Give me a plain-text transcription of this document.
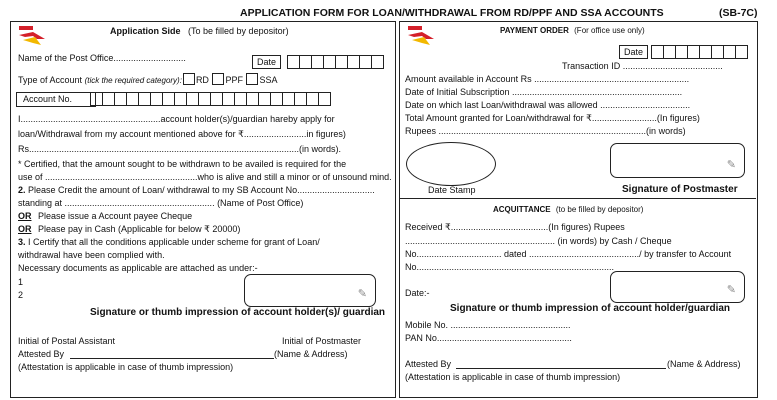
APPLICATION FORM FOR LOAN/WITHDRAWAL FROM RD/PPF AND SSA ACCOUNTS	(SB-7C)
Application Side (To be filled by depositor)
Name of the Post Office.............................	Date
Type of Account (tick the required category): RD PPF SSA
Account No.
I........................................................account holder(s)/guardian hareby apply for
loan/Withdrawal from my account mentioned above for ₹.........................in figures)
Rs............................................................................................................(in words).
* Certified, that the amount sought to be withdrawn to be availed is required for the
use of .............................................................who is alive and still a minor or of unsound mind.
2. Please Credit the amount of Loan/ withdrawal to my SB Account No...............................
standing at ............................................................ (Name of Post Office)
OR Please issue a Account payee Cheque
OR Please pay in Cash (Applicable for below ₹ 20000)
3. I Certify that all the conditions applicable under scheme for grant of Loan/
withdrawal have been complied with.
Necessary documents as applicable are attached as under:-
1
2	✎
Signature or thumb impression of account holder(s)/ guardian
Initial of Postal Assistant	Initial of Postmaster
Attested By	(Name & Address)
(Attestation is applicable in case of thumb impression)
PAYMENT ORDER (For office use only)
Date
Transaction ID ........................................
Amount available in Account Rs ..............................................................
Date of Initial Subscription ....................................................................
Date on which last Loan/withdrawal was allowed ....................................
Total Amount granted for Loan/withdrawal for ₹..........................(In figures)
Rupees ...................................................................................(in words)
Date Stamp
✎
Signature of Postmaster
ACQUITTANCE (to be filled by depositor)
Received ₹.......................................(In figures) Rupees
............................................................ (in words) by Cash / Cheque
No.................................. dated ............................................/ by transfer to Account
No...............................................................................
Date:-	✎
Signature or thumb impression of account holder/guardian
Mobile No. ................................................
PAN No......................................................
Attested By	(Name & Address)
(Attestation is applicable in case of thumb impression)
